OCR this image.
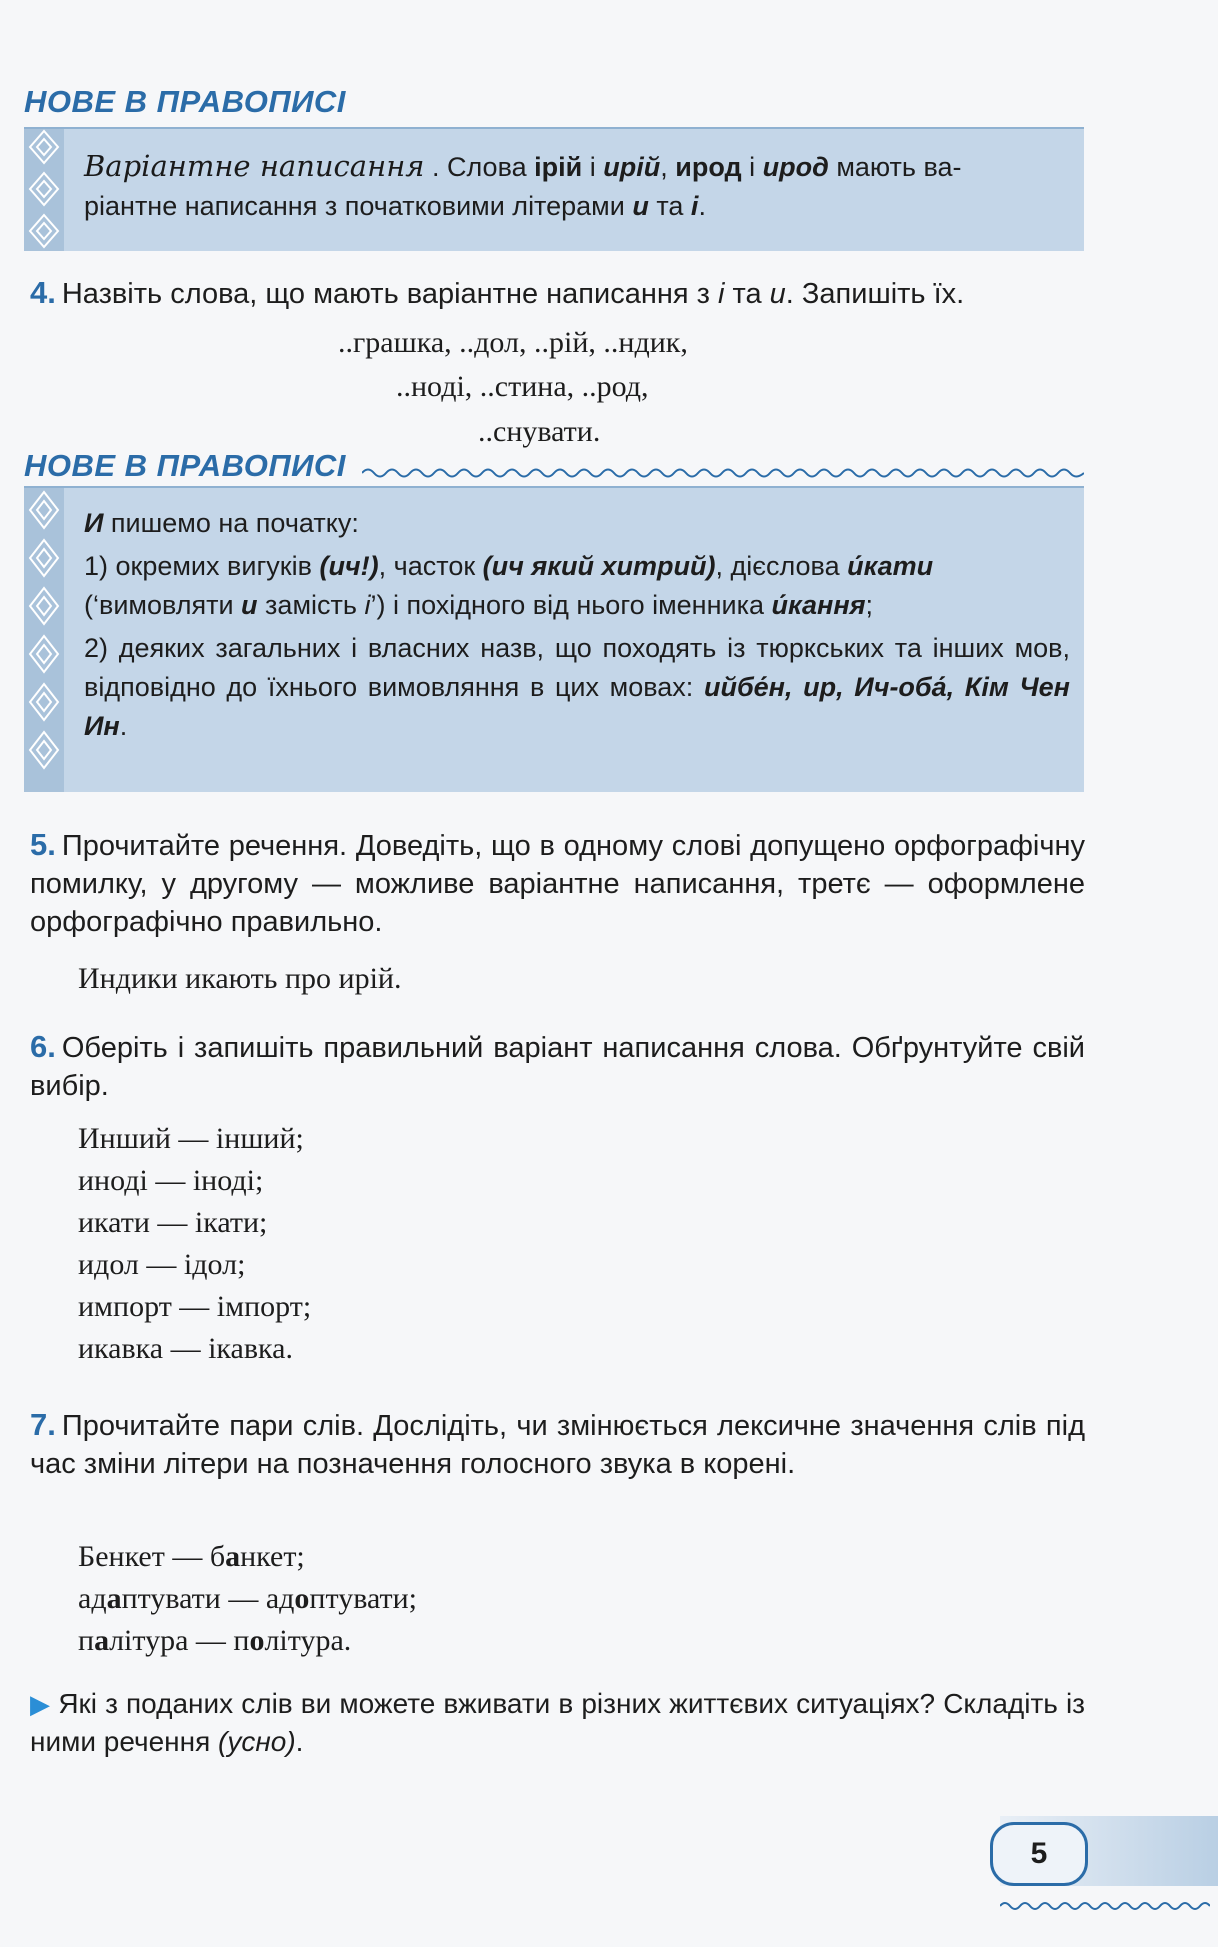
НОВЕ В ПРАВОПИСІ
Варіантне написання . Слова ірій і ирій, ирод і ирод мають ва-
ріантне написання з початковими літерами и та і.
4. Назвіть слова, що мають варіантне написання з і та и. Запишіть їх.
..грашка, ..дол, ..рій, ..ндик,
..ноді, ..стина, ..род,
..снувати.
НОВЕ В ПРАВОПИСІ
И пишемо на початку:
1) окремих вигуків (ич!), часток (ич який хитрий), дієслова и́кати
(‘вимовляти и замість і’) і похідного від нього іменника и́кання;
2) деяких загальних і власних назв, що походять із тюркських та інших мов, відповідно до їхнього вимовляння в цих мовах: ийбе́н, ир, Ич-оба́, Кім Чен Ин.
5. Прочитайте речення. Доведіть, що в одному слові допущено орфографічну помилку, у другому — можливе варіантне написання, третє — оформлене орфографічно правильно.
Индики икають про ирій.
6. Оберіть і запишіть правильний варіант написання слова. Обґрунтуйте свій вибір.
Инший — інший;
иноді — іноді;
икати — ікати;
идол — ідол;
импорт — імпорт;
икавка — ікавка.
7. Прочитайте пари слів. Дослідіть, чи змінюється лексичне значення слів під час зміни літери на позначення голосного звука в корені.
Бенкет — банкет;
адаптувати — адоптувати;
палітура — політура.
▶ Які з поданих слів ви можете вживати в різних життєвих ситуаціях? Складіть із ними речення (усно).
5
